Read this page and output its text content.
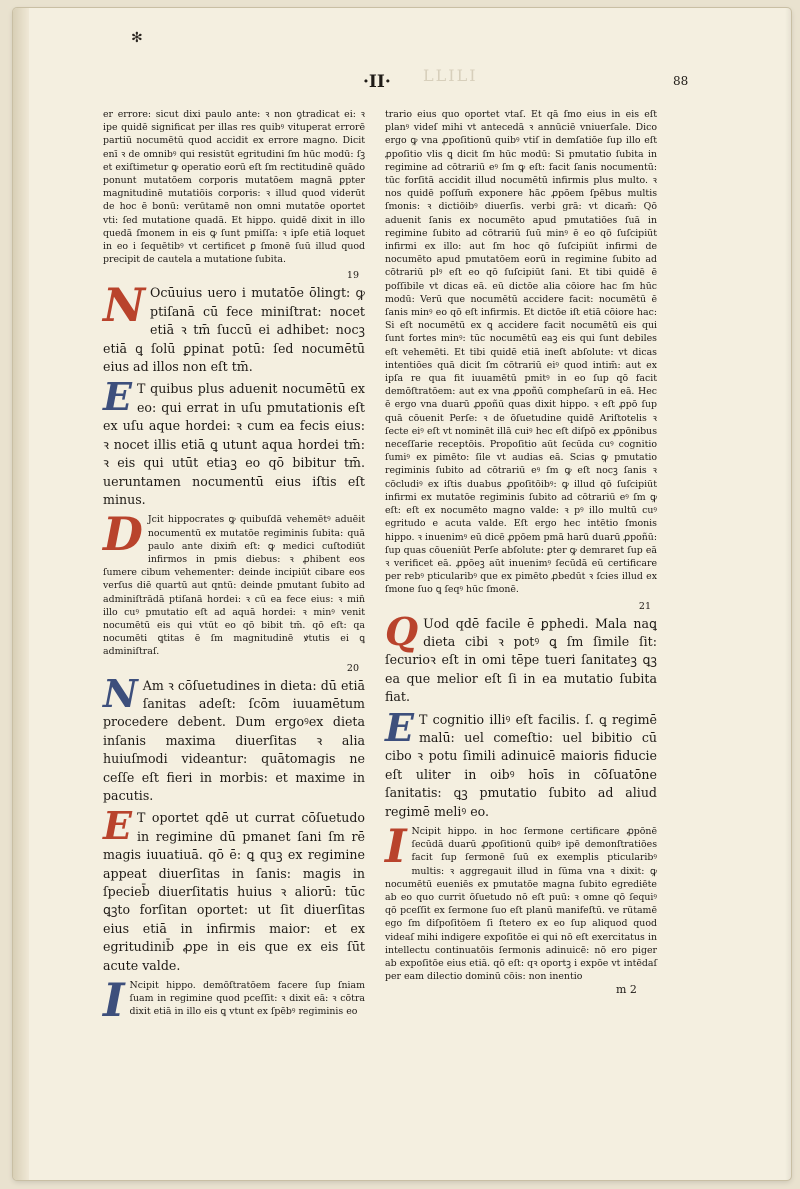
✻
LLILI
·II·	88

er errore: sicut dixi paulo ante: ꝛ non ꝯtradicat ei: ꝛ ipe quidē significat per illas res quibꝰ vituperat errorē partiū nocumētū quod accidit ex errore magno. Dicit enī ꝛ de omnibꝰ qui resistūt egritudini ſm hūc modū: ſꝫ et exiſtimetur ꝙ operatio eorū eſt ſm rectitudinē quādo ponunt mutatōem corporis mutatōem magnā ꝑpter magnitudinē mutatiōis corporis: ꝛ illud quod viderūt de hoc ē bonū: verūtamē non omni mutatōe oportet vti: ſed mutatione quadā. Et hippo. quidē dixit in illo quedā ſmonem in eis ꝙ ſunt pmiſſa: ꝛ ipſe etiā loquet in eo i ſequētibꝰ vt certificet ꝑ ſmonē ſuū illud quod precipit de cautela a mutatione ſubita.

19
N Ocūuius uero i mutatōe ōlingt: ꝙ ptiſanā cū fece miniſtrat: nocet etiā ꝛ tm̄ ſuccū ei adhibet: nocꝫ etiā ꝗ ſolū ꝑpinat potū: ſed nocumētū eius ad illos non eſt tm̄.

E T quibus plus aduenit nocumētū ex eo: qui errat in uſu pmutationis eſt ex uſu aque hordei: ꝛ cum ea fecis eius: ꝛ nocet illis etiā ꝗ utunt aqua hordei tm̄: ꝛ eis qui utūt etiaꝫ eo qō bibitur tm̄. ueruntamen nocumentū eius iſtis eſt minus.

D Jcit hippocrates ꝙ quibuſdā vehemētꝰ aduēit nocumentū ex mutatōe regiminis ſubita: quā paulo ante dixim̄ eſt: ꝙ medici cuſtodiūt infirmos in pmis diebus: ꝛ ꝓhibent eos ſumere cibum vehementer: deinde incipiūt cibare eos verſus diē quartū aut qntū: deinde pmutant ſubito ad adminiſtrādā ptiſanā hordei: ꝛ cū ea fece eius: ꝛ min̄ illo cuꝰ pmutatio eſt ad aquā hordei: ꝛ minꝰ venit nocumētū eis qui vtūt eo qō bibit tm̄. qō eſt: qa nocumēti ꝗtitas ē ſm magnitudinē ꝟtutis ei ꝗ adminiſtraſ.

20
N Am ꝛ cōſuetudines in dieta: dū etiā ſanitas adeſt: ſcōm iuuamētum procedere debent. Dum ergoꝰex dieta inſanis maxima diuerſitas ꝛ alia huiuſmodi videantur: quātomagis ne ceſſe eſt fieri in morbis: et maxime in pacutis.

E T oportet qdē ut currat cōſuetudo in regimine dū pmanet ſani ſm rē magis iuuatiuā. qō ē: ꝗ quꝫ ex regimine appeat diuerſitas in ſanis: magis in ſpecieb̄ diuerſitatis huius ꝛ aliorū: tūc ꝗꝫto forſitan oportet: ut ſit diuerſitas eius etiā in infirmis maior: et ex egritudinib̄ ꝓpe in eis que ex eis ſūt acute valde.

I Ncipit hippo. demōſtratōem facere ſup ſniam ſuam in regimine quod pceſſit: ꝛ dixit eā: ꝛ cōtra dixit etiā in illo eis ꝗ vtunt ex ſpēbꝰ regiminis eo

trario eius quo oportet vtaſ. Et qā ſmo eius in eis eſt planꝰ videſ mihi vt antecedā ꝛ annūciē vniuerſale. Dico ergo ꝙ vna ꝓpoſitionū quibꝰ vtiſ in demſatiōe ſup illo eſt ꝓpoſitio vlis ꝗ dicit ſm hūc modū: Si pmutatio ſubita in regimine ad cōtrariū eꝰ ſm ꝙ eſt: facit ſanis nocumentū: tūc forſitā accidit illud nocumētū infirmis plus multo. ꝛ nos quidē poſſum̄ exponere hāc ꝓpōem ſpēbus multis ſmonis: ꝛ dictiōibꝰ diuerſis. verbi grā: vt dicam̄: Qō aduenit ſanis ex nocumēto apud pmutatiōes ſuā in regimine ſubito ad cōtrariū ſuū minꝰ ē eo qō ſuſcipiūt infirmi ex illo: aut ſm hoc qō ſuſcipiūt infirmi de nocumēto apud pmutatōem eorū in regimine ſubito ad cōtrariū plꝰ eſt eo qō ſuſcipiūt ſani. Et tibi quidē ē poſſibile vt dicas eā. eū dictōe alia cōiore hac ſm hūc modū: Verū que nocumētū accidere facit: nocumētū ē ſanis minꝰ eo qō eſt infirmis. Et dictōe iſt etiā cōiore hac: Si eſt nocumētū ex ꝗ accidere facit nocumētū eis qui ſunt fortes minꝰ: tūc nocumētū eaꝫ eis qui ſunt debiles eſt vehemēti. Et tibi quidē etiā ineſt abſolute: vt dicas intentiōes quā dicit ſm cōtrariū eiꝰ quod intim̄: aut ex ipſa re qua fit iuuamētū pmitꝰ in eo ſup qō facit demōſtratōem: aut ex vna ꝓpoñū compheſarū in eā. Hec ē ergo vna duarū ꝓpoñū quas dixit hippo. ꝛ eſt ꝓpō ſup quā cōuenit Perſe: ꝛ de ōſuetudine quidē Ariſtotelis ꝛ ſecte eiꝰ eſt vt nominēt illā cuiꝰ hec eſt diſpō ex ꝓpōnibus neceſſarie receptōis. Propoſitio aūt ſecūda cuꝰ cognitio ſumiꝰ ex pimēto: ſile vt audias eā. Scias ꝙ pmutatio regiminis ſubito ad cōtrariū eꝰ ſm ꝙ eſt nocꝫ ſanis ꝛ cōcludiꝰ ex iſtis duabus ꝓpoſitōibꝰ: ꝙ illud qō ſuſcipiūt infirmi ex mutatōe regiminis ſubito ad cōtrariū eꝰ ſm ꝙ eſt: eſt ex nocumēto magno valde: ꝛ pꝰ illo multū cuꝰ egritudo e acuta valde. Eſt ergo hec intētio ſmonis hippo. ꝛ inuenimꝰ eū dicē ꝓpōem pmā harū duarū ꝓpoñū: ſup quas cōueniūt Perſe abſolute: ꝑter ꝙ demraret ſup eā ꝛ verificet eā. ꝓpōeꝫ aūt inuenimꝰ ſecūdā eū certificare per rebꝰ pticularibꝰ que ex pimēto ꝓbedūt ꝛ ſcies illud ex ſmone ſuo ꝗ ſeqꝰ hūc ſmonē.

21
Q Uod qdē facile ē ꝑphedi. Mala naꝗ dieta cibi ꝛ potꝰ ꝗ ſm ſimile ſit: ſecurioꝛ eſt in omi tēpe tueri ſanitateꝫ ꝗꝫ ea que melior eſt ſi in ea mutatio ſubita fiat.

E T cognitio illiꝰ eſt facilis. ſ. ꝗ regimē malū: uel comeſtio: uel bibitio cū cibo ꝛ potu ſimili adinuicē maioris fiducie eſt uliter in oibꝰ hoīs in cōſuatōne ſanitatis: ꝗꝫ pmutatio ſubito ad aliud regimē meliꝰ eo.

I Ncipit hippo. in hoc ſermone certificare ꝓpōnē ſecūdā duarū ꝓpoſitionū quibꝰ ipē demonſtratiōes facit ſup ſermonē ſuū ex exemplis pticularibꝰ multis: ꝛ aggregauit illud in ſūma vna ꝛ dixit: ꝙ nocumētū eueniēs ex pmutatōe magna ſubito egrediēte ab eo quo currit ōſuetudo nō eſt puū: ꝛ omne qō ſequiꝰ qō pceſſit ex ſermone ſuo eſt planū manifeſtū. ve rūtamē ego ſm diſpoſitōem ſi ſtetero ex eo ſup aliquod quod videaſ mihi indigere expoſitōe ei qui nō eſt exercitatus in intellectu continuatōis ſermonis adinuicē: nō ero piger ab expoſitōe eius etiā. qō eſt: qꝛ oportꝫ i expōe vt intēdaſ per eam dilectio dominū cōis: non inentio

m 2
